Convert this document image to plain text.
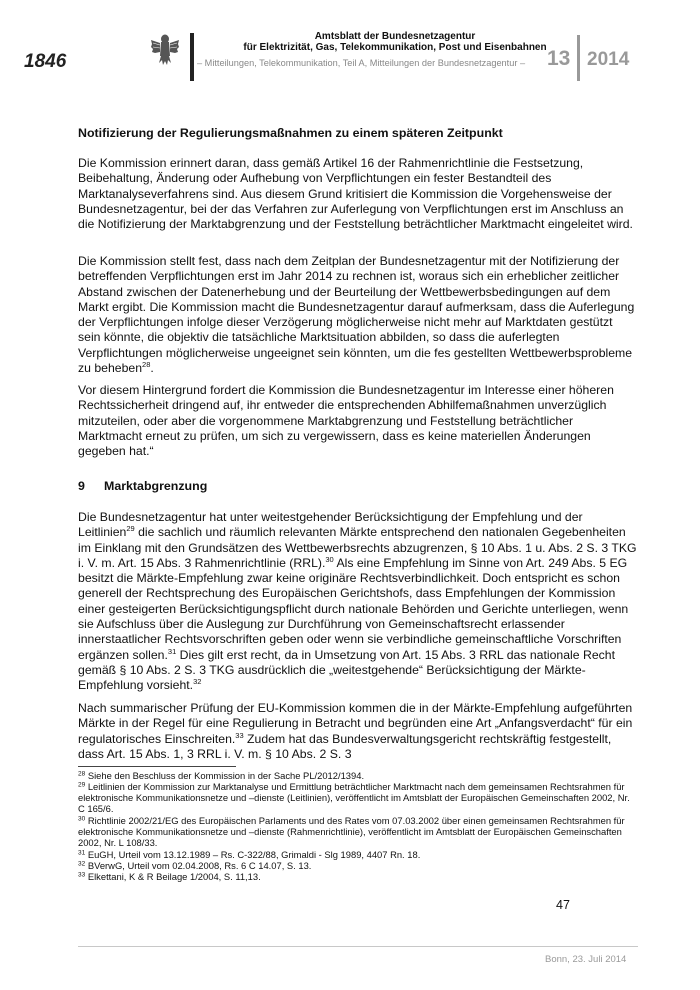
1846
Amtsblatt der Bundesnetzagentur
für Elektrizität, Gas, Telekommunikation, Post und Eisenbahnen
– Mitteilungen, Telekommunikation, Teil A, Mitteilungen der Bundesnetzagentur –	13 2014
Notifizierung der Regulierungsmaßnahmen zu einem späteren Zeitpunkt

Die Kommission erinnert daran, dass gemäß Artikel 16 der Rahmenrichtlinie die Festsetzung, Beibehaltung, Änderung oder Aufhebung von Verpflichtungen ein fester Bestandteil des Marktanalyseverfahrens sind. Aus diesem Grund kritisiert die Kommission die Vorgehensweise der Bundesnetzagentur, bei der das Verfahren zur Auferlegung von Verpflichtungen erst im Anschluss an die Notifizierung der Marktabgrenzung und der Feststellung beträchtlicher Marktmacht eingeleitet wird.

Die Kommission stellt fest, dass nach dem Zeitplan der Bundesnetzagentur mit der Notifizierung der betreffenden Verpflichtungen erst im Jahr 2014 zu rechnen ist, woraus sich ein erheblicher zeitlicher Abstand zwischen der Datenerhebung und der Beurteilung der Wettbewerbsbedingungen auf dem Markt ergibt. Die Kommission macht die Bundesnetzagentur darauf aufmerksam, dass die Auferlegung der Verpflichtungen infolge dieser Verzögerung möglicherweise nicht mehr auf Marktdaten gestützt sein könnte, die objektiv die tatsächliche Marktsituation abbilden, so dass die auferlegten Verpflichtungen möglicherweise ungeeignet sein könnten, um die fes gestellten Wettbewerbsprobleme zu beheben$^{28}$.

Vor diesem Hintergrund fordert die Kommission die Bundesnetzagentur im Interesse einer höheren Rechtssicherheit dringend auf, ihr entweder die entsprechenden Abhilfemaßnahmen unverzüglich mitzuteilen, oder aber die vorgenommene Marktabgrenzung und Feststellung beträchtlicher Marktmacht erneut zu prüfen, um sich zu vergewissern, dass es keine materiellen Änderungen gegeben hat.“

9 Marktabgrenzung

Die Bundesnetzagentur hat unter weitestgehender Berücksichtigung der Empfehlung und der Leitlinien$^{29}$ die sachlich und räumlich relevanten Märkte entsprechend den nationalen Gegebenheiten im Einklang mit den Grundsätzen des Wettbewerbsrechts abzugrenzen, § 10 Abs. 1 u. Abs. 2 S. 3 TKG i. V. m. Art. 15 Abs. 3 Rahmenrichtlinie (RRL).$^{30}$ Als eine Empfehlung im Sinne von Art. 249 Abs. 5 EG besitzt die Märkte-Empfehlung zwar keine originäre Rechtsverbindlichkeit. Doch entspricht es schon generell der Rechtsprechung des Europäischen Gerichtshofs, dass Empfehlungen der Kommission einer gesteigerten Berücksichtigungspflicht durch nationale Behörden und Gerichte unterliegen, wenn sie Aufschluss über die Auslegung zur Durchführung von Gemeinschaftsrecht erlassender innerstaatlicher Rechtsvorschriften geben oder wenn sie verbindliche gemeinschaftliche Vorschriften ergänzen sollen.$^{31}$ Dies gilt erst recht, da in Umsetzung von Art. 15 Abs. 3 RRL das nationale Recht gemäß § 10 Abs. 2 S. 3 TKG ausdrücklich die „weitestgehende“ Berücksichtigung der Märkte-Empfehlung vorsieht.$^{32}$

Nach summarischer Prüfung der EU-Kommission kommen die in der Märkte-Empfehlung aufgeführten Märkte in der Regel für eine Regulierung in Betracht und begründen eine Art „Anfangsverdacht“ für ein regulatorisches Einschreiten.$^{33}$ Zudem hat das Bundesverwaltungsgericht rechtskräftig festgestellt, dass Art. 15 Abs. 1, 3 RRL i. V. m. § 10 Abs. 2 S. 3

$^{28}$ Siehe den Beschluss der Kommission in der Sache PL/2012/1394.
$^{29}$ Leitlinien der Kommission zur Marktanalyse und Ermittlung beträchtlicher Marktmacht nach dem gemeinsamen Rechtsrahmen für elektronische Kommunikationsnetze und –dienste (Leitlinien), veröffentlicht im Amtsblatt der Europäischen Gemeinschaften 2002, Nr. C 165/6.
$^{30}$ Richtlinie 2002/21/EG des Europäischen Parlaments und des Rates vom 07.03.2002 über einen gemeinsamen Rechtsrahmen für elektronische Kommunikationsnetze und –dienste (Rahmenrichtlinie), veröffentlicht im Amtsblatt der Europäischen Gemeinschaften 2002, Nr. L 108/33.
$^{31}$ EuGH, Urteil vom 13.12.1989 – Rs. C-322/88, Grimaldi - Slg 1989, 4407 Rn. 18.
$^{32}$ BVerwG, Urteil vom 02.04.2008, Rs. 6 C 14.07, S. 13.
$^{33}$ Elkettani, K & R Beilage 1/2004, S. 11,13.
47
Bonn, 23. Juli 2014
